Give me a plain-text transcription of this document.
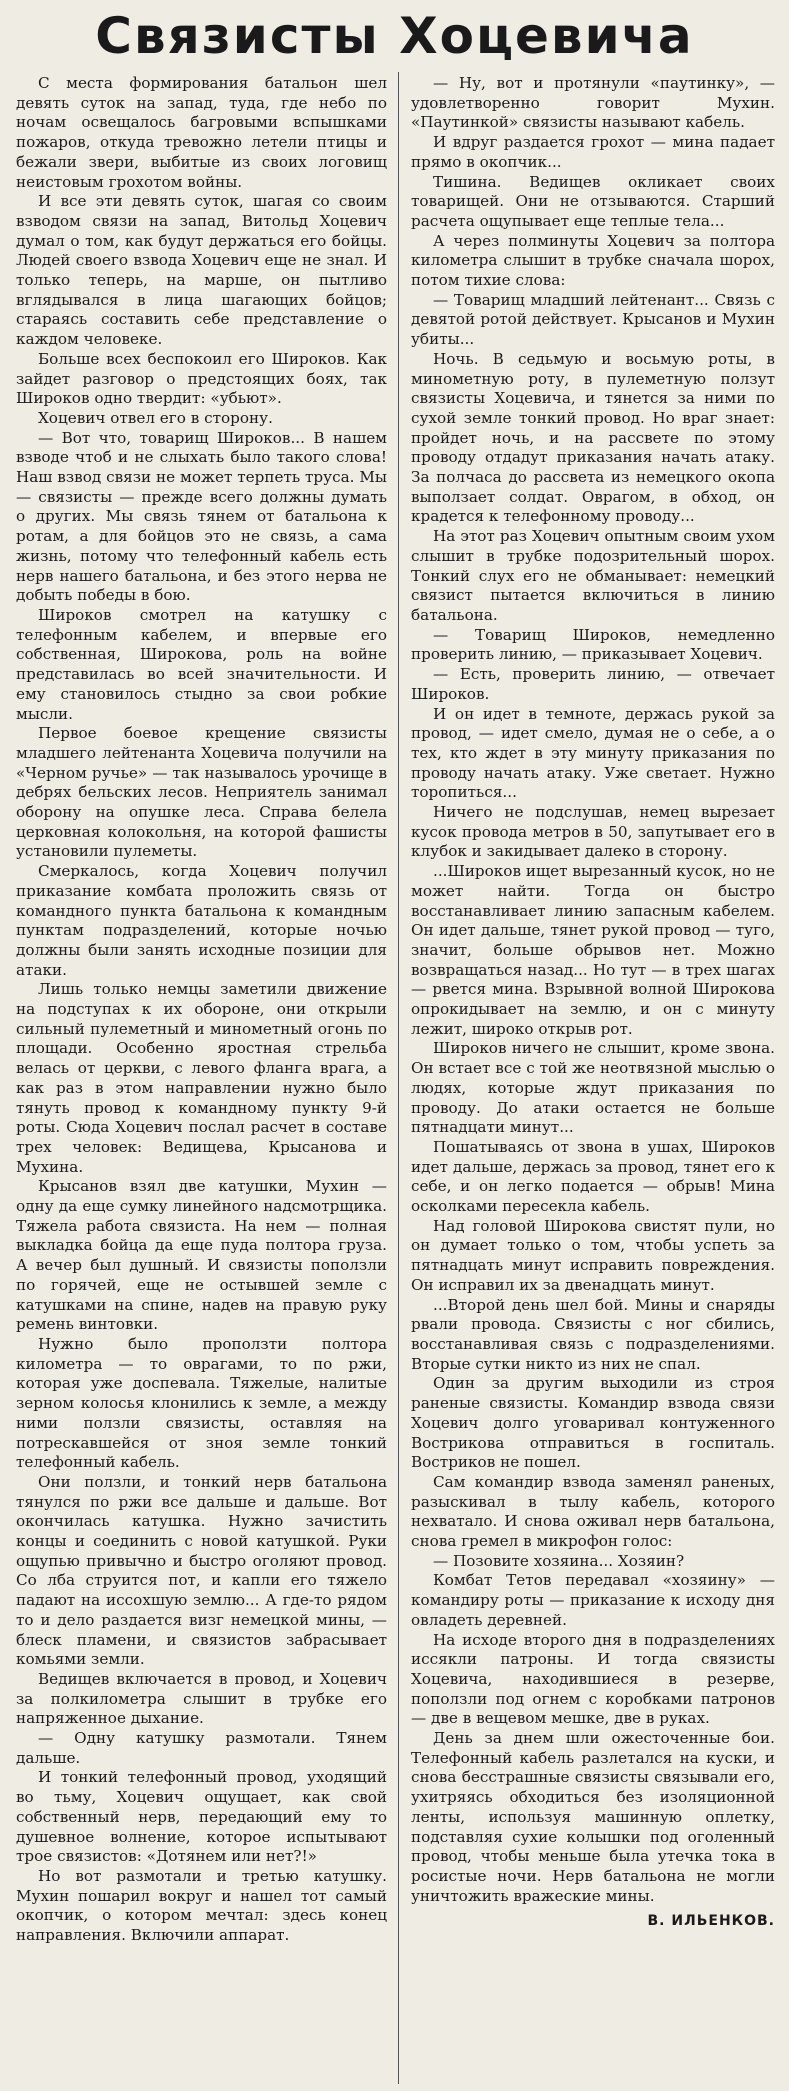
Связисты Хоцевича

С места формирования батальон шел девять суток на запад, туда, где небо по ночам освещалось багровыми вспышками пожаров, откуда тревожно летели птицы и бежали звери, выбитые из своих логовищ неистовым грохотом войны.

И все эти девять суток, шагая со своим взводом связи на запад, Витольд Хоцевич думал о том, как будут держаться его бойцы. Людей своего взвода Хоцевич еще не знал. И только теперь, на марше, он пытливо вглядывался в лица шагающих бойцов; стараясь составить себе представление о каждом человеке.

Больше всех беспокоил его Широков. Как зайдет разговор о предстоящих боях, так Широков одно твердит: «убьют».

Хоцевич отвел его в сторону.

— Вот что, товарищ Широков... В нашем взводе чтоб и не слыхать было такого слова! Наш взвод связи не может терпеть труса. Мы — связисты — прежде всего должны думать о других. Мы связь тянем от батальона к ротам, а для бойцов это не связь, а сама жизнь, потому что телефонный кабель есть нерв нашего батальона, и без этого нерва не добыть победы в бою.

Широков смотрел на катушку с телефонным кабелем, и впервые его собственная, Широкова, роль на войне представилась во всей значительности. И ему становилось стыдно за свои робкие мысли.

Первое боевое крещение связисты младшего лейтенанта Хоцевича получили на «Черном ручье» — так называлось урочище в дебрях бельских лесов. Неприятель занимал оборону на опушке леса. Справа белела церковная колокольня, на которой фашисты установили пулеметы.

Смеркалось, когда Хоцевич получил приказание комбата проложить связь от командного пункта батальона к командным пунктам подразделений, которые ночью должны были занять исходные позиции для атаки.

Лишь только немцы заметили движение на подступах к их обороне, они открыли сильный пулеметный и минометный огонь по площади. Особенно яростная стрельба велась от церкви, с левого фланга врага, а как раз в этом направлении нужно было тянуть провод к командному пункту 9-й роты. Сюда Хоцевич послал расчет в составе трех человек: Ведищева, Крысанова и Мухина.

Крысанов взял две катушки, Мухин — одну да еще сумку линейного надсмотрщика. Тяжела работа связиста. На нем — полная выкладка бойца да еще пуда полтора груза. А вечер был душный. И связисты поползли по горячей, еще не остывшей земле с катушками на спине, надев на правую руку ремень винтовки.

Нужно было проползти полтора километра — то оврагами, то по ржи, которая уже доспевала. Тяжелые, налитые зерном колосья клонились к земле, а между ними ползли связисты, оставляя на потрескавшейся от зноя земле тонкий телефонный кабель.

Они ползли, и тонкий нерв батальона тянулся по ржи все дальше и дальше. Вот окончилась катушка. Нужно зачистить концы и соединить с новой катушкой. Руки ощупью привычно и быстро оголяют провод. Со лба струится пот, и капли его тяжело падают на иссохшую землю... А где-то рядом то и дело раздается визг немецкой мины, — блеск пламени, и связистов забрасывает комьями земли.

Ведищев включается в провод, и Хоцевич за полкилометра слышит в трубке его напряженное дыхание.

— Одну катушку размотали. Тянем дальше.

И тонкий телефонный провод, уходящий во тьму, Хоцевич ощущает, как свой собственный нерв, передающий ему то душевное волнение, которое испытывают трое связистов: «Дотянем или нет?!»

Но вот размотали и третью катушку. Мухин пошарил вокруг и нашел тот самый окопчик, о котором мечтал: здесь конец направления. Включили аппарат.

— Ну, вот и протянули «паутинку», — удовлетворенно говорит Мухин. «Паутинкой» связисты называют кабель.

И вдруг раздается грохот — мина падает прямо в окопчик...

Тишина. Ведищев окликает своих товарищей. Они не отзываются. Старший расчета ощупывает еще теплые тела...

А через полминуты Хоцевич за полтора километра слышит в трубке сначала шорох, потом тихие слова:

— Товарищ младший лейтенант... Связь с девятой ротой действует. Крысанов и Мухин убиты...

Ночь. В седьмую и восьмую роты, в минометную роту, в пулеметную ползут связисты Хоцевича, и тянется за ними по сухой земле тонкий провод. Но враг знает: пройдет ночь, и на рассвете по этому проводу отдадут приказания начать атаку. За полчаса до рассвета из немецкого окопа выползает солдат. Оврагом, в обход, он крадется к телефонному проводу...

На этот раз Хоцевич опытным своим ухом слышит в трубке подозрительный шорох. Тонкий слух его не обманывает: немецкий связист пытается включиться в линию батальона.

— Товарищ Широков, немедленно проверить линию, — приказывает Хоцевич.

— Есть, проверить линию, — отвечает Широков.

И он идет в темноте, держась рукой за провод, — идет смело, думая не о себе, а о тех, кто ждет в эту минуту приказания по проводу начать атаку. Уже светает. Нужно торопиться...

Ничего не подслушав, немец вырезает кусок провода метров в 50, запутывает его в клубок и закидывает далеко в сторону.

...Широков ищет вырезанный кусок, но не может найти. Тогда он быстро восстанавливает линию запасным кабелем. Он идет дальше, тянет рукой провод — туго, значит, больше обрывов нет. Можно возвращаться назад... Но тут — в трех шагах — рвется мина. Взрывной волной Широкова опрокидывает на землю, и он с минуту лежит, широко открыв рот.

Широков ничего не слышит, кроме звона. Он встает все с той же неотвязной мыслью о людях, которые ждут приказания по проводу. До атаки остается не больше пятнадцати минут...

Пошатываясь от звона в ушах, Широков идет дальше, держась за провод, тянет его к себе, и он легко подается — обрыв! Мина осколками пересекла кабель.

Над головой Широкова свистят пули, но он думает только о том, чтобы успеть за пятнадцать минут исправить повреждения. Он исправил их за двенадцать минут.

...Второй день шел бой. Мины и снаряды рвали провода. Связисты с ног сбились, восстанавливая связь с подразделениями. Вторые сутки никто из них не спал.

Один за другим выходили из строя раненые связисты. Командир взвода связи Хоцевич долго уговаривал контуженного Вострикова отправиться в госпиталь. Востриков не пошел.

Сам командир взвода заменял раненых, разыскивал в тылу кабель, которого нехватало. И снова оживал нерв батальона, снова гремел в микрофон голос:

— Позовите хозяина... Хозяин?

Комбат Тетов передавал «хозяину» — командиру роты — приказание к исходу дня овладеть деревней.

На исходе второго дня в подразделениях иссякли патроны. И тогда связисты Хоцевича, находившиеся в резерве, поползли под огнем с коробками патронов — две в вещевом мешке, две в руках.

День за днем шли ожесточенные бои. Телефонный кабель разлетался на куски, и снова бесстрашные связисты связывали его, ухитряясь обходиться без изоляционной ленты, используя машинную оплетку, подставляя сухие колышки под оголенный провод, чтобы меньше была утечка тока в росистые ночи. Нерв батальона не могли уничтожить вражеские мины.

В. ИЛЬЕНКОВ.
